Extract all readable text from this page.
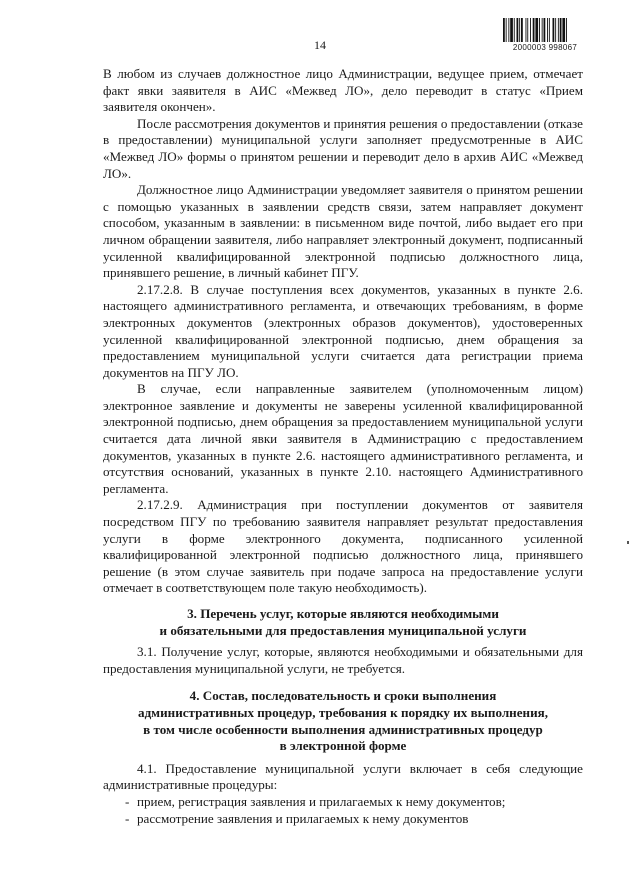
2000003 998067
14

В любом из случаев должностное лицо Администрации, ведущее прием, отмечает факт явки заявителя в АИС «Межвед ЛО», дело переводит в статус «Прием заявителя окончен».

После рассмотрения документов и принятия решения о предоставлении (отказе в предоставлении) муниципальной услуги заполняет предусмотренные в АИС «Межвед ЛО» формы о принятом решении и переводит дело в архив АИС «Межвед ЛО».

Должностное лицо Администрации уведомляет заявителя о принятом решении с помощью указанных в заявлении средств связи, затем направляет документ способом, указанным в заявлении: в письменном виде почтой, либо выдает его при личном обращении заявителя, либо направляет электронный документ, подписанный усиленной квалифицированной электронной подписью должностного лица, принявшего решение, в личный кабинет ПГУ.

2.17.2.8. В случае поступления всех документов, указанных в пункте 2.6. настоящего административного регламента, и отвечающих требованиям, в форме электронных документов (электронных образов документов), удостоверенных усиленной квалифицированной электронной подписью, днем обращения за предоставлением муниципальной услуги считается дата регистрации приема документов на ПГУ ЛО.

В случае, если направленные заявителем (уполномоченным лицом) электронное заявление и документы не заверены усиленной квалифицированной электронной подписью, днем обращения за предоставлением муниципальной услуги считается дата личной явки заявителя в Администрацию с предоставлением документов, указанных в пункте 2.6. настоящего административного регламента, и отсутствия оснований, указанных в пункте 2.10. настоящего Административного регламента.

2.17.2.9. Администрация при поступлении документов от заявителя посредством ПГУ по требованию заявителя направляет результат предоставления услуги в форме электронного документа, подписанного усиленной квалифицированной электронной подписью должностного лица, принявшего решение (в этом случае заявитель при подаче запроса на предоставление услуги отмечает в соответствующем поле такую необходимость).

3. Перечень услуг, которые являются необходимыми
и обязательными для предоставления муниципальной услуги

3.1. Получение услуг, которые, являются необходимыми и обязательными для предоставления муниципальной услуги, не требуется.

4. Состав, последовательность и сроки выполнения
административных процедур, требования к порядку их выполнения,
в том числе особенности выполнения административных процедур
в электронной форме

4.1. Предоставление муниципальной услуги включает в себя следующие административные процедуры:

- прием, регистрация заявления и прилагаемых к нему документов;
- рассмотрение заявления и прилагаемых к нему документов
